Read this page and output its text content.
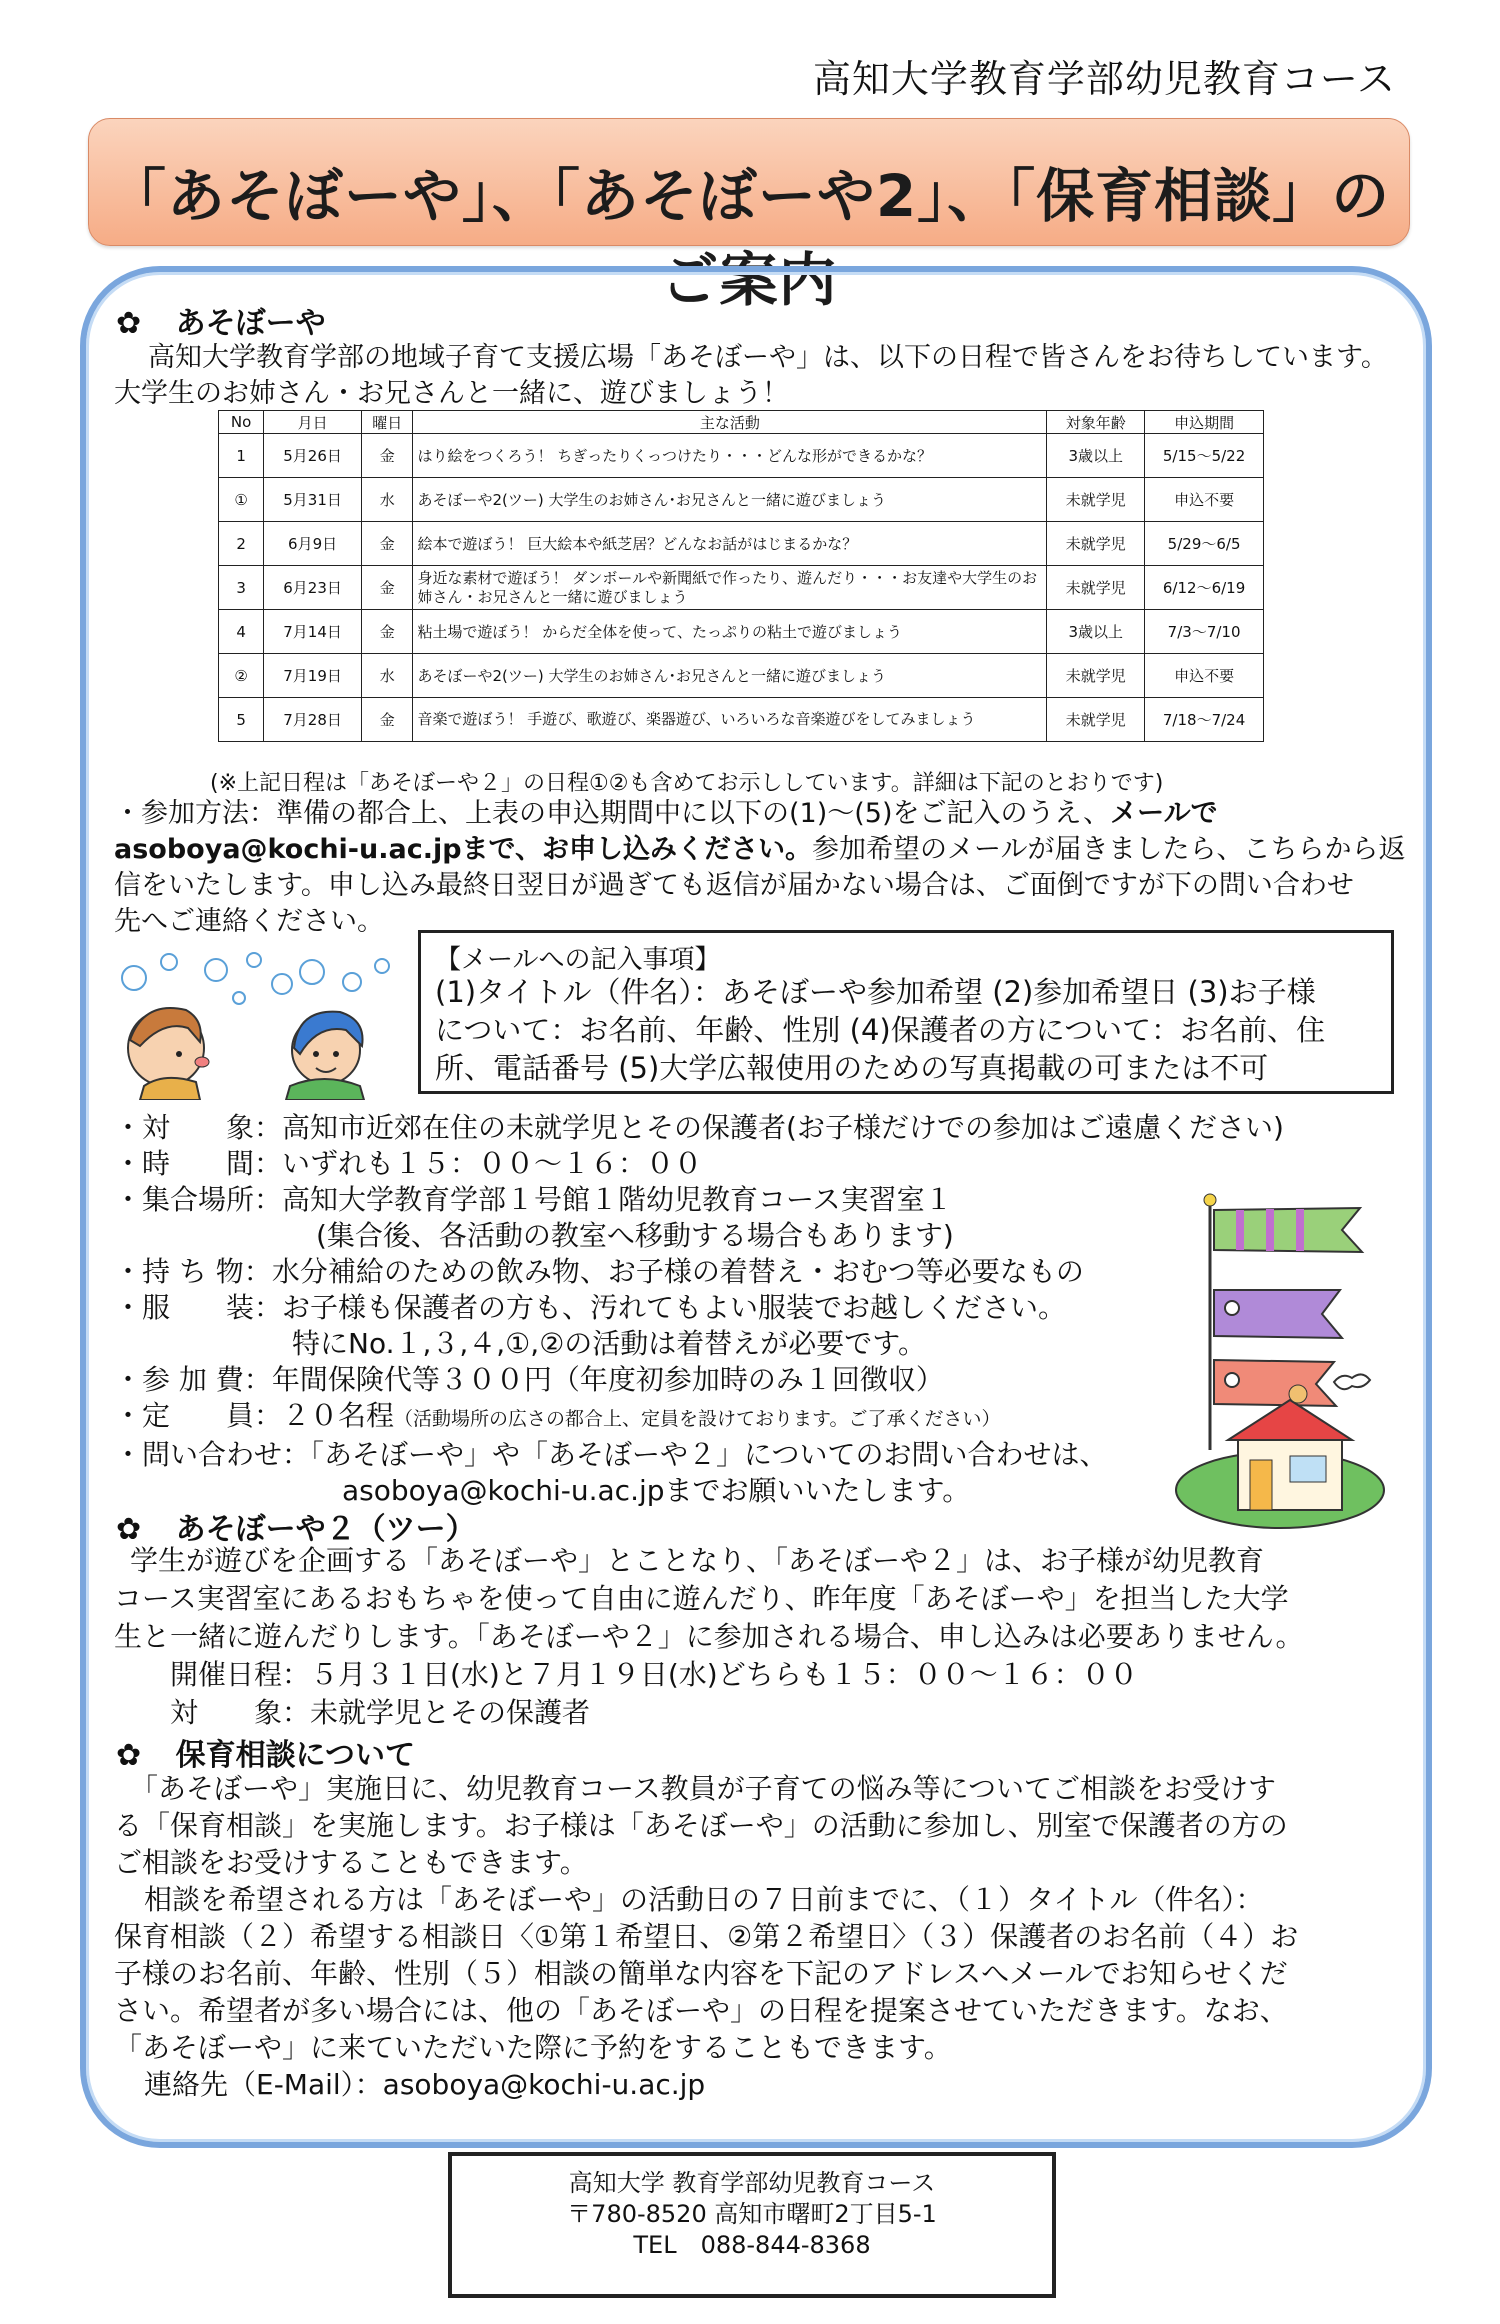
高知大学教育学部幼児教育コース
「あそぼーや」、「あそぼーや2」、「保育相談」のご案内
✿ あそぼーや
高知大学教育学部の地域子育て支援広場「あそぼーや」は、以下の日程で皆さんをお待ちしています。
大学生のお姉さん・お兄さんと一緒に、遊びましょう！
No	月日	曜日	主な活動	対象年齢	申込期間
1	5月26日	金	はり絵をつくろう！ ちぎったりくっつけたり・・・どんな形ができるかな？	3歳以上	5/15〜5/22
①	5月31日	水	あそぼーや2(ツー) 大学生のお姉さん･お兄さんと一緒に遊びましょう	未就学児	申込不要
2	6月9日	金	絵本で遊ぼう！ 巨大絵本や紙芝居？どんなお話がはじまるかな？	未就学児	5/29〜6/5
3	6月23日	金	身近な素材で遊ぼう！ ダンボールや新聞紙で作ったり、遊んだり・・・お友達や大学生のお姉さん・お兄さんと一緒に遊びましょう	未就学児	6/12〜6/19
4	7月14日	金	粘土場で遊ぼう！ からだ全体を使って、たっぷりの粘土で遊びましょう	3歳以上	7/3〜7/10
②	7月19日	水	あそぼーや2(ツー) 大学生のお姉さん･お兄さんと一緒に遊びましょう	未就学児	申込不要
5	7月28日	金	音楽で遊ぼう！ 手遊び、歌遊び、楽器遊び、いろいろな音楽遊びをしてみましょう	未就学児	7/18〜7/24
(※上記日程は「あそぼーや２」の日程①②も含めてお示ししています。詳細は下記のとおりです)
・参加方法：準備の都合上、上表の申込期間中に以下の(1)〜(5)をご記入のうえ、メールで
asoboya@kochi-u.ac.jpまで、お申し込みください。参加希望のメールが届きましたら、こちらから返
信をいたします。申し込み最終日翌日が過ぎても返信が届かない場合は、ご面倒ですが下の問い合わせ
先へご連絡ください。
【メールへの記入事項】
(1)タイトル（件名）：あそぼーや参加希望 (2)参加希望日 (3)お子様
について：お名前、年齢、性別 (4)保護者の方について：お名前、住
所、電話番号 (5)大学広報使用のための写真掲載の可または不可
・対　　象：高知市近郊在住の未就学児とその保護者(お子様だけでの参加はご遠慮ください)
・時　　間：いずれも１５：００〜１６：００
・集合場所：高知大学教育学部１号館１階幼児教育コース実習室１
　(集合後、各活動の教室へ移動する場合もあります)
・持 ち 物：水分補給のための飲み物、お子様の着替え・おむつ等必要なもの
・服　　装：お子様も保護者の方も、汚れてもよい服装でお越しください。
特にNo.１,３,４,①,②の活動は着替えが必要です。
・参 加 費：年間保険代等３００円（年度初参加時のみ１回徴収）
・定　　員：２０名程（活動場所の広さの都合上、定員を設けております。ご了承ください）
・問い合わせ：「あそぼーや」や「あそぼーや２」についてのお問い合わせは、
asoboya@kochi-u.ac.jpまでお願いいたします。
✿ あそぼーや２（ツー）
学生が遊びを企画する「あそぼーや」とことなり、「あそぼーや２」は、お子様が幼児教育
コース実習室にあるおもちゃを使って自由に遊んだり、昨年度「あそぼーや」を担当した大学
生と一緒に遊んだりします。「あそぼーや２」に参加される場合、申し込みは必要ありません。
開催日程：５月３１日(水)と７月１９日(水)どちらも１５：００〜１６：００
対　　象：未就学児とその保護者
✿ 保育相談について
「あそぼーや」実施日に、幼児教育コース教員が子育ての悩み等についてご相談をお受けす
る「保育相談」を実施します。お子様は「あそぼーや」の活動に参加し、別室で保護者の方の
ご相談をお受けすることもできます。
相談を希望される方は「あそぼーや」の活動日の７日前までに、（１）タイトル（件名）：
保育相談（２）希望する相談日〈①第１希望日、②第２希望日〉（３）保護者のお名前（４）お
子様のお名前、年齢、性別（５）相談の簡単な内容を下記のアドレスへメールでお知らせくだ
さい。希望者が多い場合には、他の「あそぼーや」の日程を提案させていただきます。なお、
「あそぼーや」に来ていただいた際に予約をすることもできます。
連絡先（E-Mail）：asoboya@kochi-u.ac.jp
高知大学 教育学部幼児教育コース
〒780-8520 高知市曙町2丁目5-1
TEL　088-844-8368
